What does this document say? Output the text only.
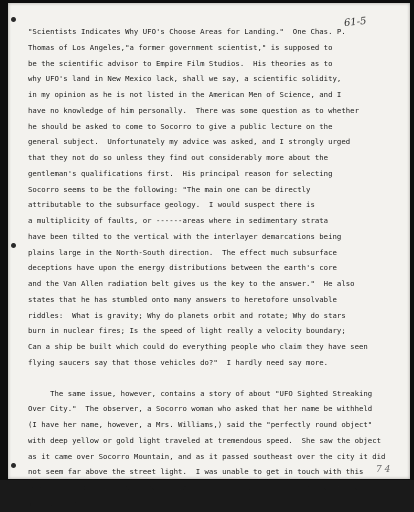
61-5
"Scientists Indicates Why UFO's Choose Areas for Landing."  One Chas. P.
Thomas of Los Angeles,"a former government scientist," is supposed to
be the scientific advisor to Empire Film Studios.  His theories as to
why UFO's land in New Mexico lack, shall we say, a scientific solidity,
in my opinion as he is not listed in the American Men of Science, and I
have no knowledge of him personally.  There was some question as to whether
he should be asked to come to Socorro to give a public lecture on the
general subject.  Unfortunately my advice was asked, and I strongly urged
that they not do so unless they find out considerably more about the
gentleman's qualifications first.  His principal reason for selecting
Socorro seems to be the following: "The main one can be directly
attributable to the subsurface geology.  I would suspect there is
a multiplicity of faults, or ------areas where in sedimentary strata
have been tilted to the vertical with the interlayer demarcations being
plains large in the North-South direction.  The effect much subsurface
deceptions have upon the energy distributions between the earth's core
and the Van Allen radiation belt gives us the key to the answer."  He also
states that he has stumbled onto many answers to heretofore unsolvable
riddles:  What is gravity; Why do planets orbit and rotate; Why do stars
burn in nuclear fires; Is the speed of light really a velocity boundary;
Can a ship be built which could do everything people who claim they have seen
flying saucers say that those vehicles do?"  I hardly need say more.
The same issue, however, contains a story of about "UFO Sighted Streaking
Over City."  The observer, a Socorro woman who asked that her name be withheld
(I have her name, however, a Mrs. Williams,) said the "perfectly round object"
with deep yellow or gold light traveled at tremendous speed.  She saw the object
as it came over Socorro Mountain, and as it passed southeast over the city it did
not seem far above the street light.  I was unable to get in touch with this
woman, but according to Hanner, this did not have a trail.  It seemed to be
just a light.
7 4
